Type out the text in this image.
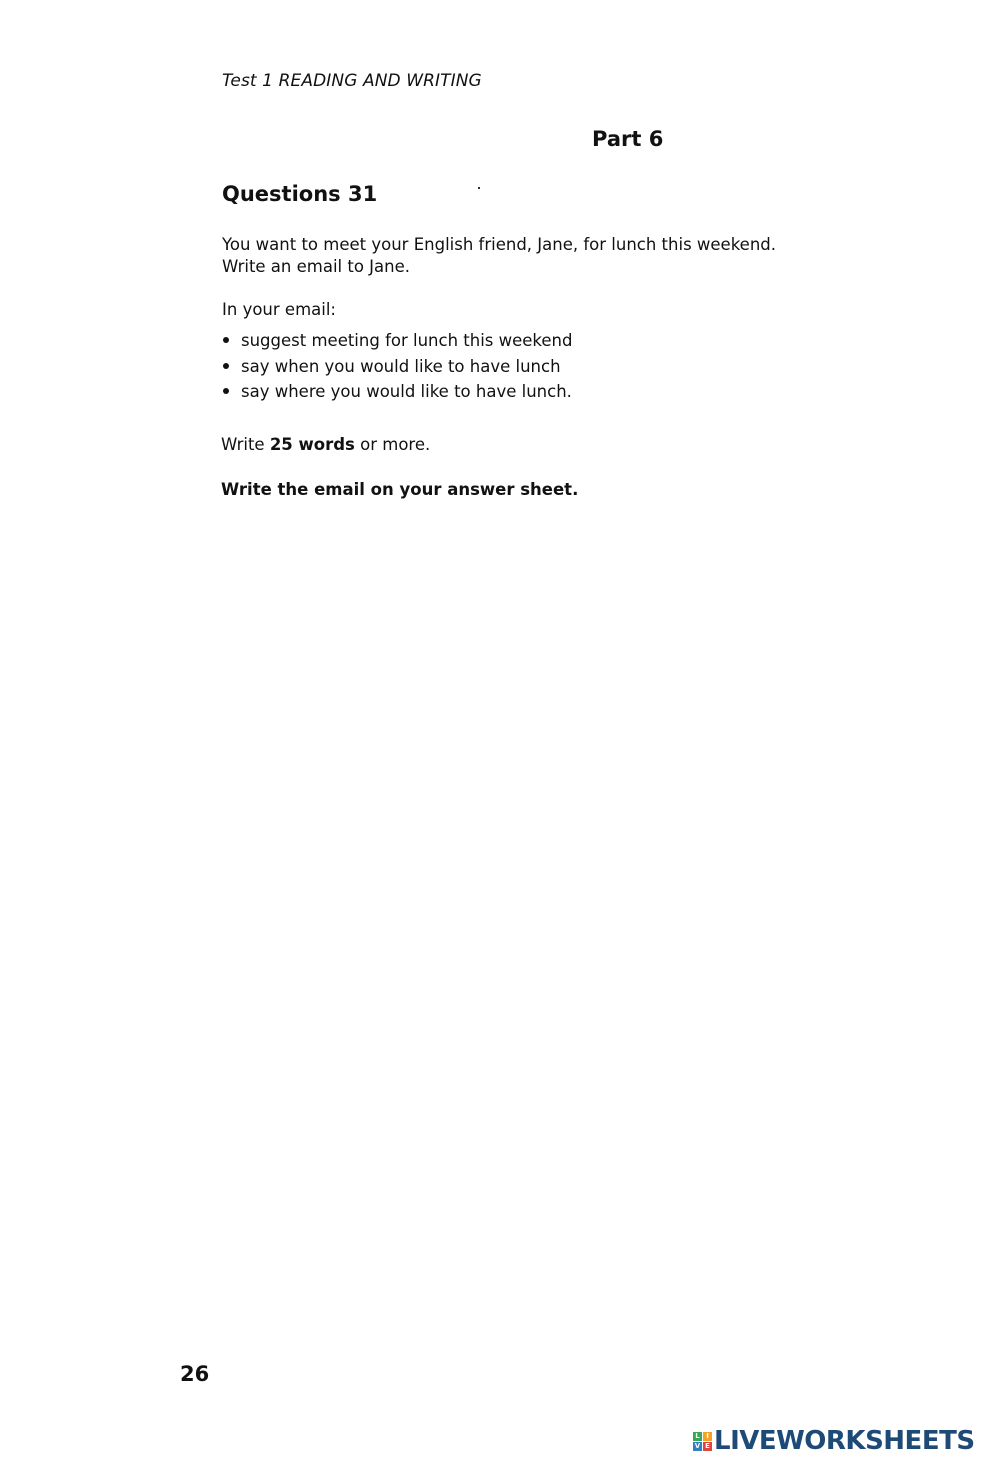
Test 1 READING AND WRITING
Part 6
Questions 31
You want to meet your English friend, Jane, for lunch this weekend.
Write an email to Jane.
In your email:
suggest meeting for lunch this weekend
say when you would like to have lunch
say where you would like to have lunch.
Write 25 words or more.
Write the email on your answer sheet.
26
L I
V E LIVEWORKSHEETS
